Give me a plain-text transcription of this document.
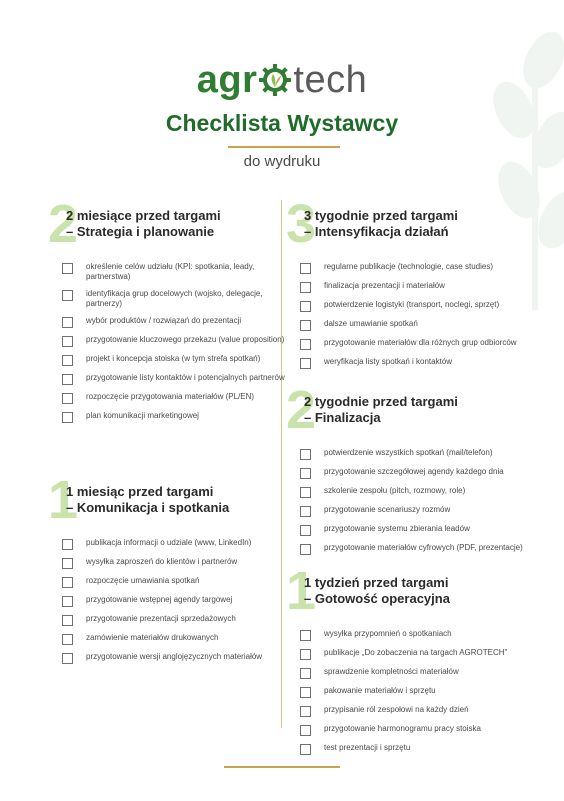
agr tech
Checklista Wystawcy
do wydruku
2
2 miesiące przed targami
– Strategia i planowanie
określenie celów udziału (KPI: spotkania, leady, partnerstwa)
identyfikacja grup docelowych (wojsko, delegacje, partnerzy)
wybór produktów / rozwiązań do prezentacji
przygotowanie kluczowego przekazu (value proposition)
projekt i koncepcja stoiska (w tym strefa spotkań)
przygotowanie listy kontaktów i potencjalnych partnerów
rozpoczęcie przygotowania materiałów (PL/EN)
plan komunikacji marketingowej
1
1 miesiąc przed targami
– Komunikacja i spotkania
publikacja informacji o udziale (www, LinkedIn)
wysyłka zaproszeń do klientów i partnerów
rozpoczęcie umawiania spotkań
przygotowanie wstępnej agendy targowej
przygotowanie prezentacji sprzedażowych
zamówienie materiałów drukowanych
przygotowanie wersji anglojęzycznych materiałów
3
3 tygodnie przed targami
– Intensyfikacja działań
regularne publikacje (technologie, case studies)
finalizacja prezentacji i materiałów
potwierdzenie logistyki (transport, noclegi, sprzęt)
dalsze umawianie spotkań
przygotowanie materiałów dla różnych grup odbiorców
weryfikacja listy spotkań i kontaktów
2
2 tygodnie przed targami
– Finalizacja
potwierdzenie wszystkich spotkań (mail/telefon)
przygotowanie szczegółowej agendy każdego dnia
szkolenie zespołu (pitch, rozmowy, role)
przygotowanie scenariuszy rozmów
przygotowanie systemu zbierania leadów
przygotowanie materiałów cyfrowych (PDF, prezentacje)
1
1 tydzień przed targami
– Gotowość operacyjna
wysyłka przypomnień o spotkaniach
publikacje „Do zobaczenia na targach AGROTECH"
sprawdzenie kompletności materiałów
pakowanie materiałów i sprzętu
przypisanie ról zespołowi na każdy dzień
przygotowanie harmonogramu pracy stoiska
test prezentacji i sprzętu
